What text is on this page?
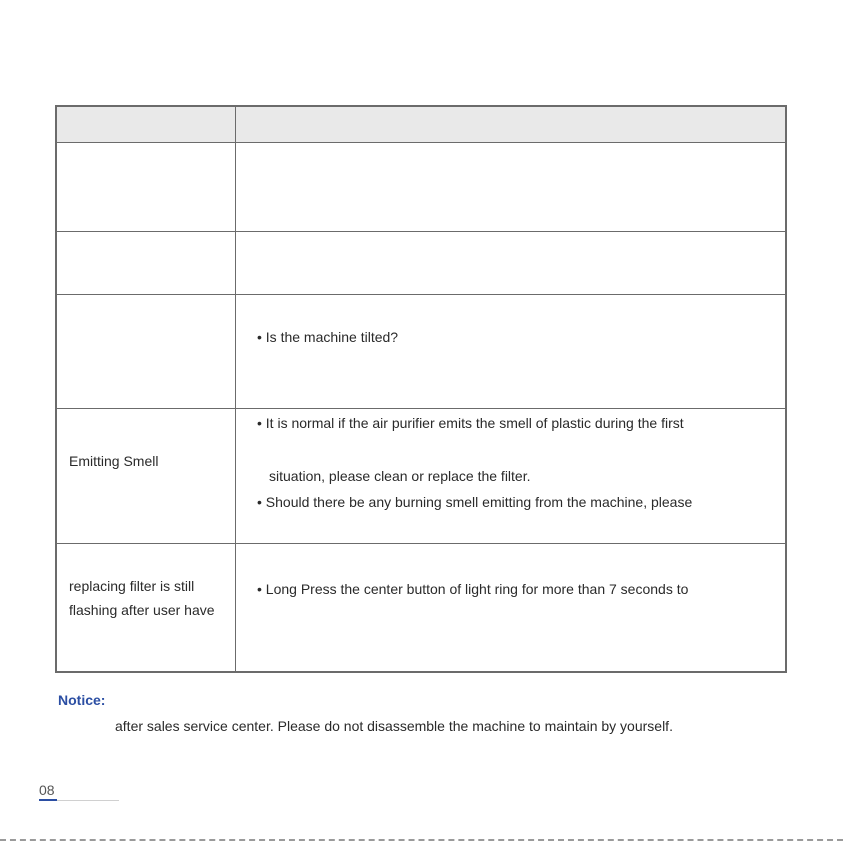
• Is the machine tilted?
Emitting Smell
• It is normal if the air purifier emits the smell of plastic during the first
situation, please clean or replace the filter.
• Should there be any burning smell emitting from the machine, please
replacing filter is still
flashing after user have
• Long Press the center button of light ring for more than 7 seconds to
Notice:
after sales service center. Please do not disassemble the machine to maintain by yourself.
08
